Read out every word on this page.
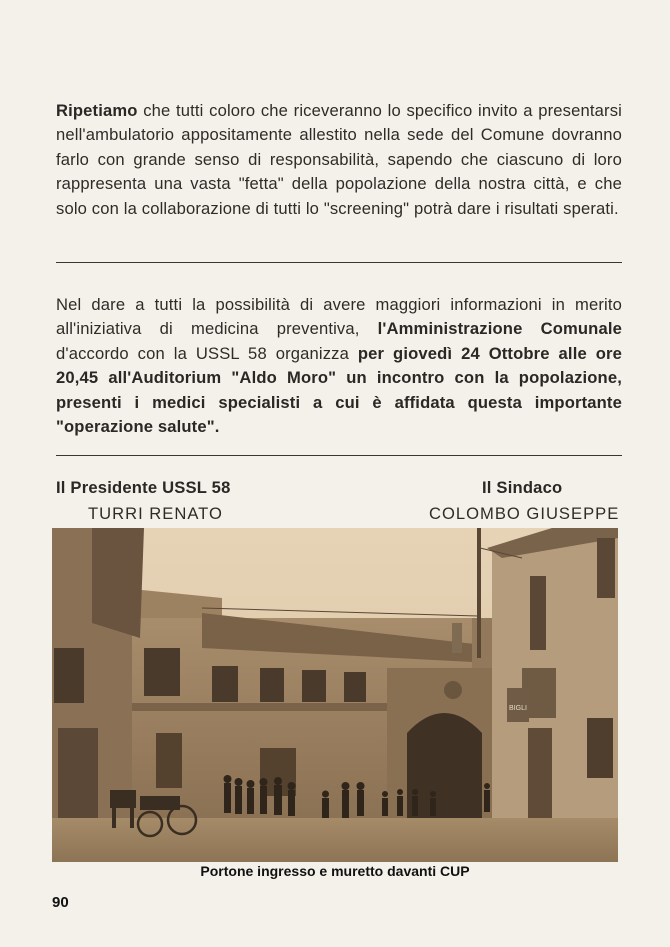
Ripetiamo che tutti coloro che riceveranno lo specifico invito a presentarsi nell'ambulatorio appositamente allestito nella sede del Comune dovranno farlo con grande senso di responsabilità, sapendo che ciascuno di loro rappresenta una vasta "fetta" della popolazione della nostra città, e che solo con la collaborazione di tutti lo "screening" potrà dare i risultati sperati.

Nel dare a tutti la possibilità di avere maggiori informazioni in merito all'iniziativa di medicina preventiva, l'Amministrazione Comunale d'accordo con la USSL 58 organizza per giovedì 24 Ottobre alle ore 20,45 all'Auditorium "Aldo Moro" un incontro con la popolazione, presenti i medici specialisti a cui è affidata questa importante "operazione salute".

Il Presidente USSL 58
TURRI RENATO
Il Sindaco
COLOMBO GIUSEPPE
BIGLI
Portone ingresso e muretto davanti CUP
90
